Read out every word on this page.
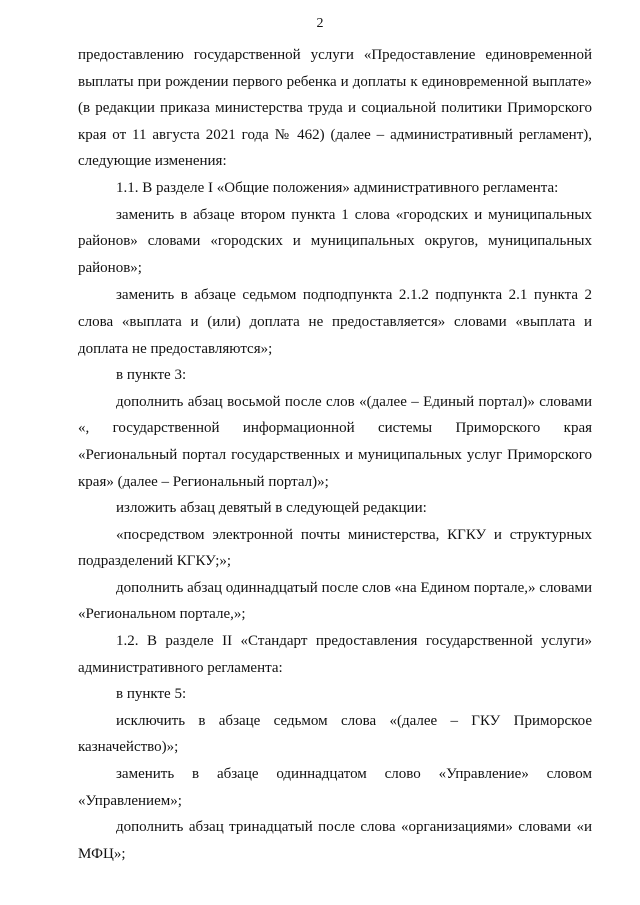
2

предоставлению государственной услуги «Предоставление единовременной выплаты при рождении первого ребенка и доплаты к единовременной выплате» (в редакции приказа министерства труда и социальной политики Приморского края от 11 августа 2021 года № 462) (далее – административный регламент), следующие изменения:

1.1. В разделе I «Общие положения» административного регламента:

заменить в абзаце втором пункта 1 слова «городских и муниципальных районов» словами «городских и муниципальных округов, муниципальных районов»;

заменить в абзаце седьмом подподпункта 2.1.2 подпункта 2.1 пункта 2 слова «выплата и (или) доплата не предоставляется» словами «выплата и доплата не предоставляются»;

в пункте 3:

дополнить абзац восьмой после слов «(далее – Единый портал)» словами «, государственной информационной системы Приморского края «Региональный портал государственных и муниципальных услуг Приморского края» (далее – Региональный портал)»;

изложить абзац девятый в следующей редакции:

«посредством электронной почты министерства, КГКУ и структурных подразделений КГКУ;»;

дополнить абзац одиннадцатый после слов «на Едином портале,» словами «Региональном портале,»;

1.2. В разделе II «Стандарт предоставления государственной услуги» административного регламента:

в пункте 5:

исключить в абзаце седьмом слова «(далее – ГКУ Приморское казначейство)»;

заменить в абзаце одиннадцатом слово «Управление» словом «Управлением»;

дополнить абзац тринадцатый после слова «организациями» словами «и МФЦ»;
